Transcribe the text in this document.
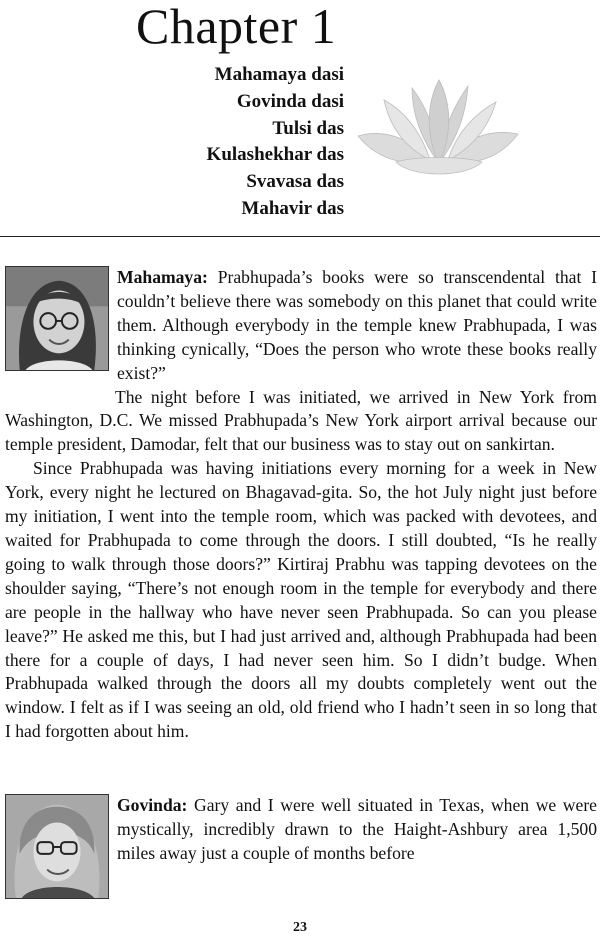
Chapter 1
Mahamaya dasi
Govinda dasi
Tulsi das
Kulashekhar das
Svavasa das
Mahavir das

Mahamaya: Prabhupada’s books were so transcendental that I couldn’t believe there was somebody on this planet that could write them. Although everybody in the temple knew Prabhupada, I was thinking cynically, “Does the person who wrote these books really exist?”

The night before I was initiated, we arrived in New York from Washington, D.C. We missed Prabhupada’s New York airport arrival because our temple president, Damodar, felt that our business was to stay out on sankirtan.

Since Prabhupada was having initiations every morning for a week in New York, every night he lectured on Bhagavad-gita. So, the hot July night just before my initiation, I went into the temple room, which was packed with devotees, and waited for Prabhupada to come through the doors. I still doubted, “Is he really going to walk through those doors?” Kirtiraj Prabhu was tapping devotees on the shoulder saying, “There’s not enough room in the temple for everybody and there are people in the hallway who have never seen Prabhupada. So can you please leave?” He asked me this, but I had just arrived and, although Prabhupada had been there for a couple of days, I had never seen him. So I didn’t budge. When Prabhupada walked through the doors all my doubts completely went out the window. I felt as if I was seeing an old, old friend who I hadn’t seen in so long that I had forgotten about him.

Govinda: Gary and I were well situated in Texas, when we were mystically, incredibly drawn to the Haight-Ashbury area 1,500 miles away just a couple of months before

23
